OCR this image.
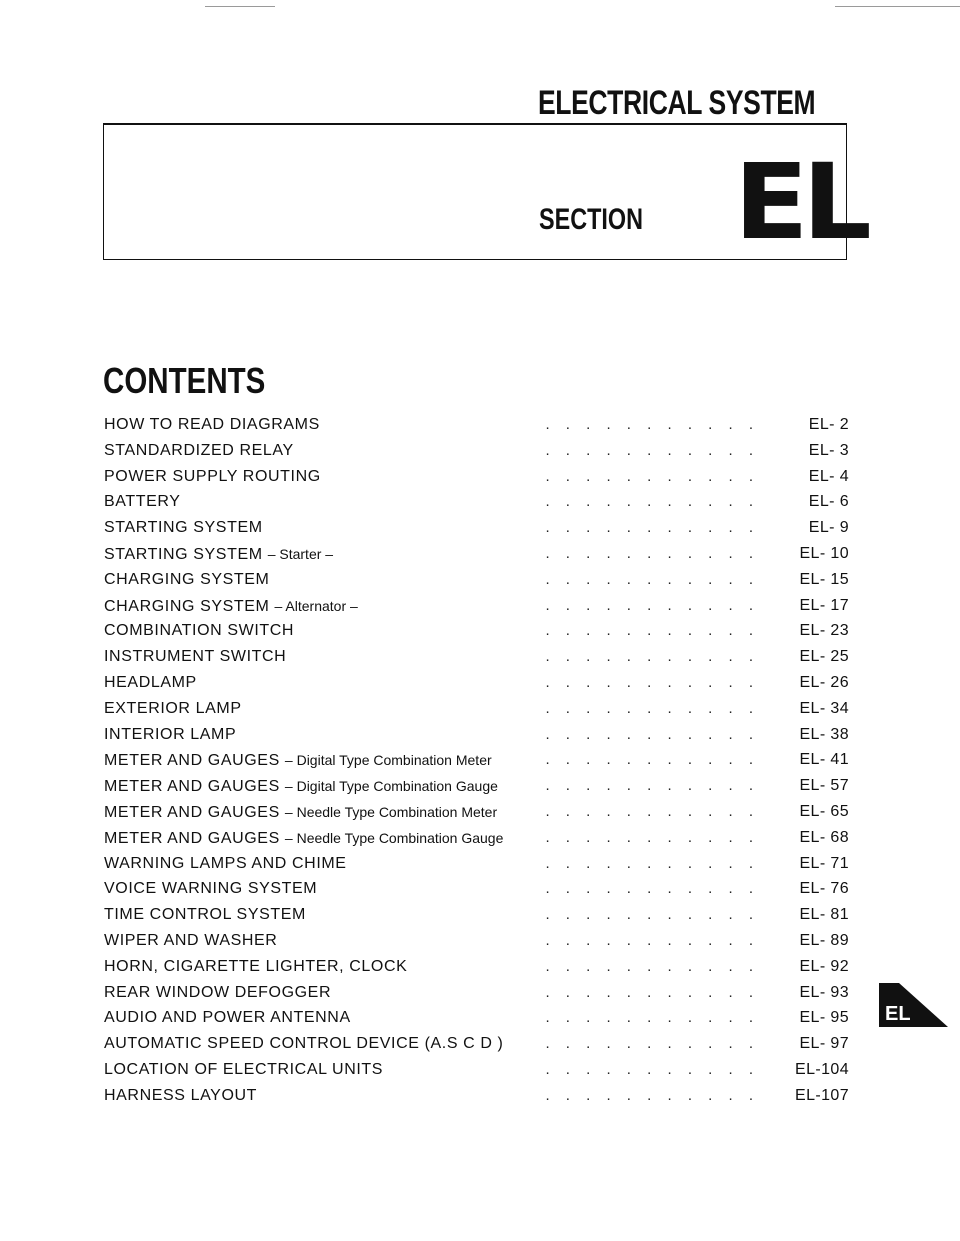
ELECTRICAL SYSTEM
SECTION EL
CONTENTS
. . . . . . . . . . .
HOW TO READ DIAGRAMS	EL- 2
. . . . . . . . . . .
STANDARDIZED RELAY	EL- 3
. . . . . . . . . . .
POWER SUPPLY ROUTING	EL- 4
. . . . . . . . . . .
BATTERY	EL- 6
. . . . . . . . . . .
STARTING SYSTEM	EL- 9
. . . . . . . . . . .
STARTING SYSTEM – Starter –	EL- 10
. . . . . . . . . . .
CHARGING SYSTEM	EL- 15
. . . . . . . . . . .
CHARGING SYSTEM – Alternator –	EL- 17
. . . . . . . . . . .
COMBINATION SWITCH	EL- 23
. . . . . . . . . . .
INSTRUMENT SWITCH	EL- 25
. . . . . . . . . . .
HEADLAMP	EL- 26
. . . . . . . . . . .
EXTERIOR LAMP	EL- 34
. . . . . . . . . . .
INTERIOR LAMP	EL- 38
. . . . . . . . . . .
METER AND GAUGES – Digital Type Combination Meter	EL- 41
. . . . . . . . . . .
METER AND GAUGES – Digital Type Combination Gauge	EL- 57
. . . . . . . . . . .
METER AND GAUGES – Needle Type Combination Meter	EL- 65
. . . . . . . . . . .
METER AND GAUGES – Needle Type Combination Gauge	EL- 68
. . . . . . . . . . .
WARNING LAMPS AND CHIME	EL- 71
. . . . . . . . . . .
VOICE WARNING SYSTEM	EL- 76
. . . . . . . . . . .
TIME CONTROL SYSTEM	EL- 81
. . . . . . . . . . .
WIPER AND WASHER	EL- 89
. . . . . . . . . . .
HORN, CIGARETTE LIGHTER, CLOCK	EL- 92
. . . . . . . . . . .
REAR WINDOW DEFOGGER	EL- 93
. . . . . . . . . . .
AUDIO AND POWER ANTENNA	EL- 95
. . . . . . . . . . .
AUTOMATIC SPEED CONTROL DEVICE (A.S C D )	EL- 97
. . . . . . . . . . .
LOCATION OF ELECTRICAL UNITS	EL-104
. . . . . . . . . . .
HARNESS LAYOUT	EL-107
EL
